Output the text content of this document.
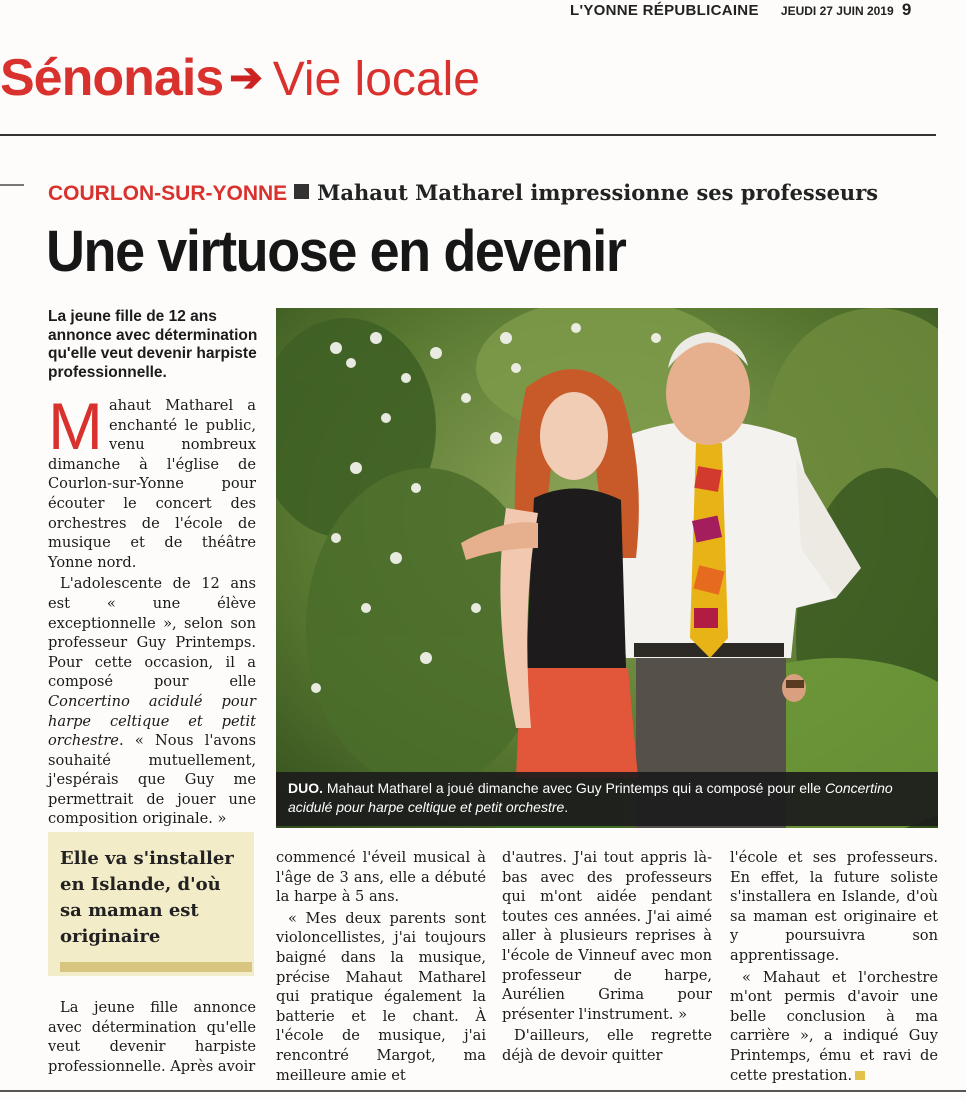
L'YONNE RÉPUBLICAINE JEUDI 27 JUIN 2019 9
Sénonais ➔ Vie locale
COURLON-SUR-YONNE Mahaut Matharel impressionne ses professeurs
Une virtuose en devenir
La jeune fille de 12 ans annonce avec détermination qu'elle veut devenir harpiste professionnelle.

Mahaut Matharel a enchanté le public, venu nombreux dimanche à l'église de Courlon-sur-Yonne pour écouter le concert des orchestres de l'école de musique et de théâtre Yonne nord.

L'adolescente de 12 ans est « une élève exceptionnelle », selon son professeur Guy Printemps. Pour cette occasion, il a composé pour elle Concertino acidulé pour harpe celtique et petit orchestre. « Nous l'avons souhaité mutuellement, j'espérais que Guy me permettrait de jouer une composition originale. »

DUO. Mahaut Matharel a joué dimanche avec Guy Printemps qui a composé pour elle Concertino acidulé pour harpe celtique et petit orchestre.
Elle va s'installer en Islande, d'où sa maman est originaire

La jeune fille annonce avec détermination qu'elle veut devenir harpiste professionnelle. Après avoir

commencé l'éveil musical à l'âge de 3 ans, elle a débuté la harpe à 5 ans.

« Mes deux parents sont violoncellistes, j'ai toujours baigné dans la musique, précise Mahaut Matharel qui pratique également la batterie et le chant. À l'école de musique, j'ai rencontré Margot, ma meilleure amie et

d'autres. J'ai tout appris là-bas avec des professeurs qui m'ont aidée pendant toutes ces années. J'ai aimé aller à plusieurs reprises à l'école de Vinneuf avec mon professeur de harpe, Aurélien Grima pour présenter l'instrument. »

D'ailleurs, elle regrette déjà de devoir quitter

l'école et ses professeurs. En effet, la future soliste s'installera en Islande, d'où sa maman est originaire et y poursuivra son apprentissage.

« Mahaut et l'orchestre m'ont permis d'avoir une belle conclusion à ma carrière », a indiqué Guy Printemps, ému et ravi de cette prestation.
